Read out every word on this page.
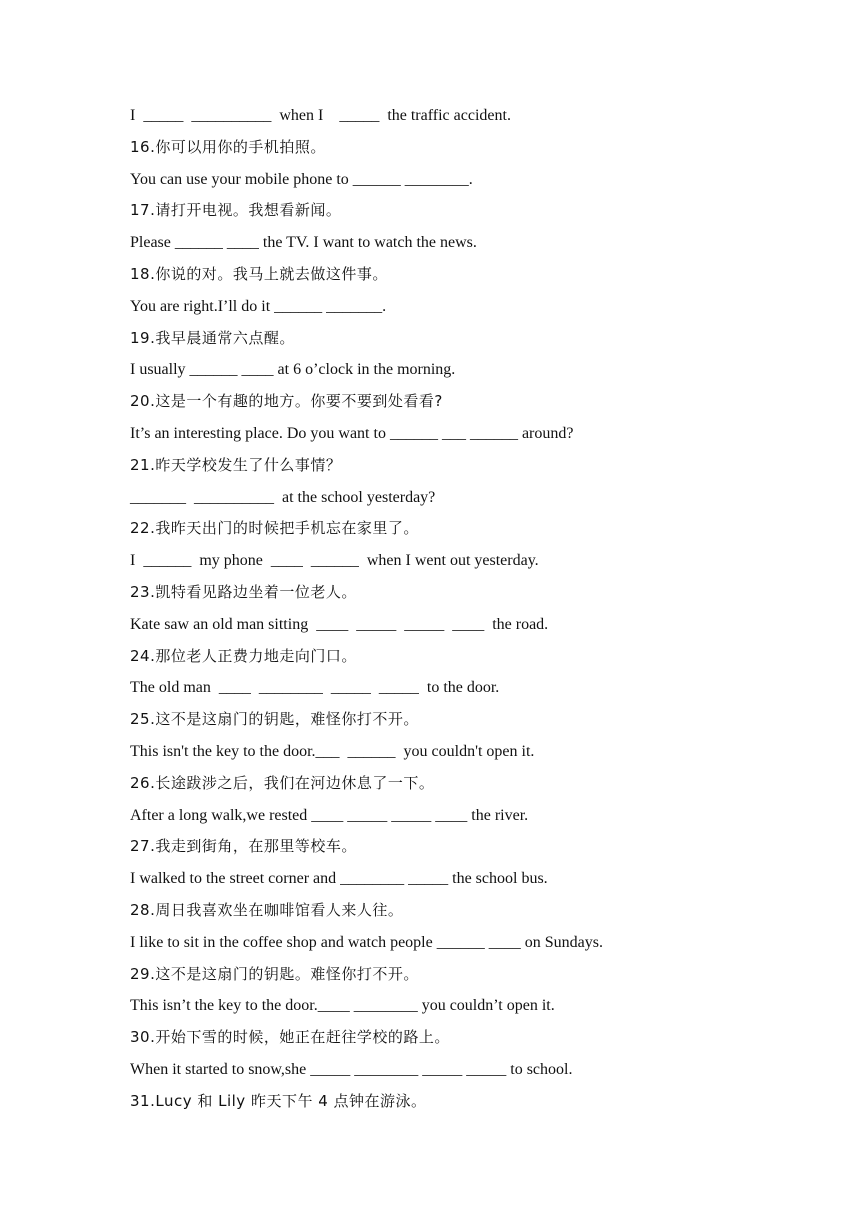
I  _____  __________  when I    _____  the traffic accident.
16.你可以用你的手机拍照。
You can use your mobile phone to ______ ________.
17.请打开电视。我想看新闻。
Please ______ ____ the TV. I want to watch the news.
18.你说的对。我马上就去做这件事。
You are right.I’ll do it ______ _______.
19.我早晨通常六点醒。
I usually ______ ____ at 6 o’clock in the morning.
20.这是一个有趣的地方。你要不要到处看看?
It’s an interesting place. Do you want to ______ ___ ______ around?
21.昨天学校发生了什么事情？
_______  __________  at the school yesterday?
22.我昨天出门的时候把手机忘在家里了。
I  ______  my phone  ____  ______  when I went out yesterday.
23.凯特看见路边坐着一位老人。
Kate saw an old man sitting  ____  _____  _____  ____  the road.
24.那位老人正费力地走向门口。
The old man  ____  ________  _____  _____  to the door.
25.这不是这扇门的钥匙，难怪你打不开。
This isn't the key to the door.___  ______  you couldn't open it.
26.长途跋涉之后，我们在河边休息了一下。
After a long walk,we rested ____ _____ _____ ____ the river.
27.我走到街角，在那里等校车。
I walked to the street corner and ________ _____ the school bus.
28.周日我喜欢坐在咖啡馆看人来人往。
I like to sit in the coffee shop and watch people ______ ____ on Sundays.
29.这不是这扇门的钥匙。难怪你打不开。
This isn’t the key to the door.____ ________ you couldn’t open it.
30.开始下雪的时候，她正在赶往学校的路上。
When it started to snow,she _____ ________ _____ _____ to school.
31.Lucy 和 Lily 昨天下午 4 点钟在游泳。
